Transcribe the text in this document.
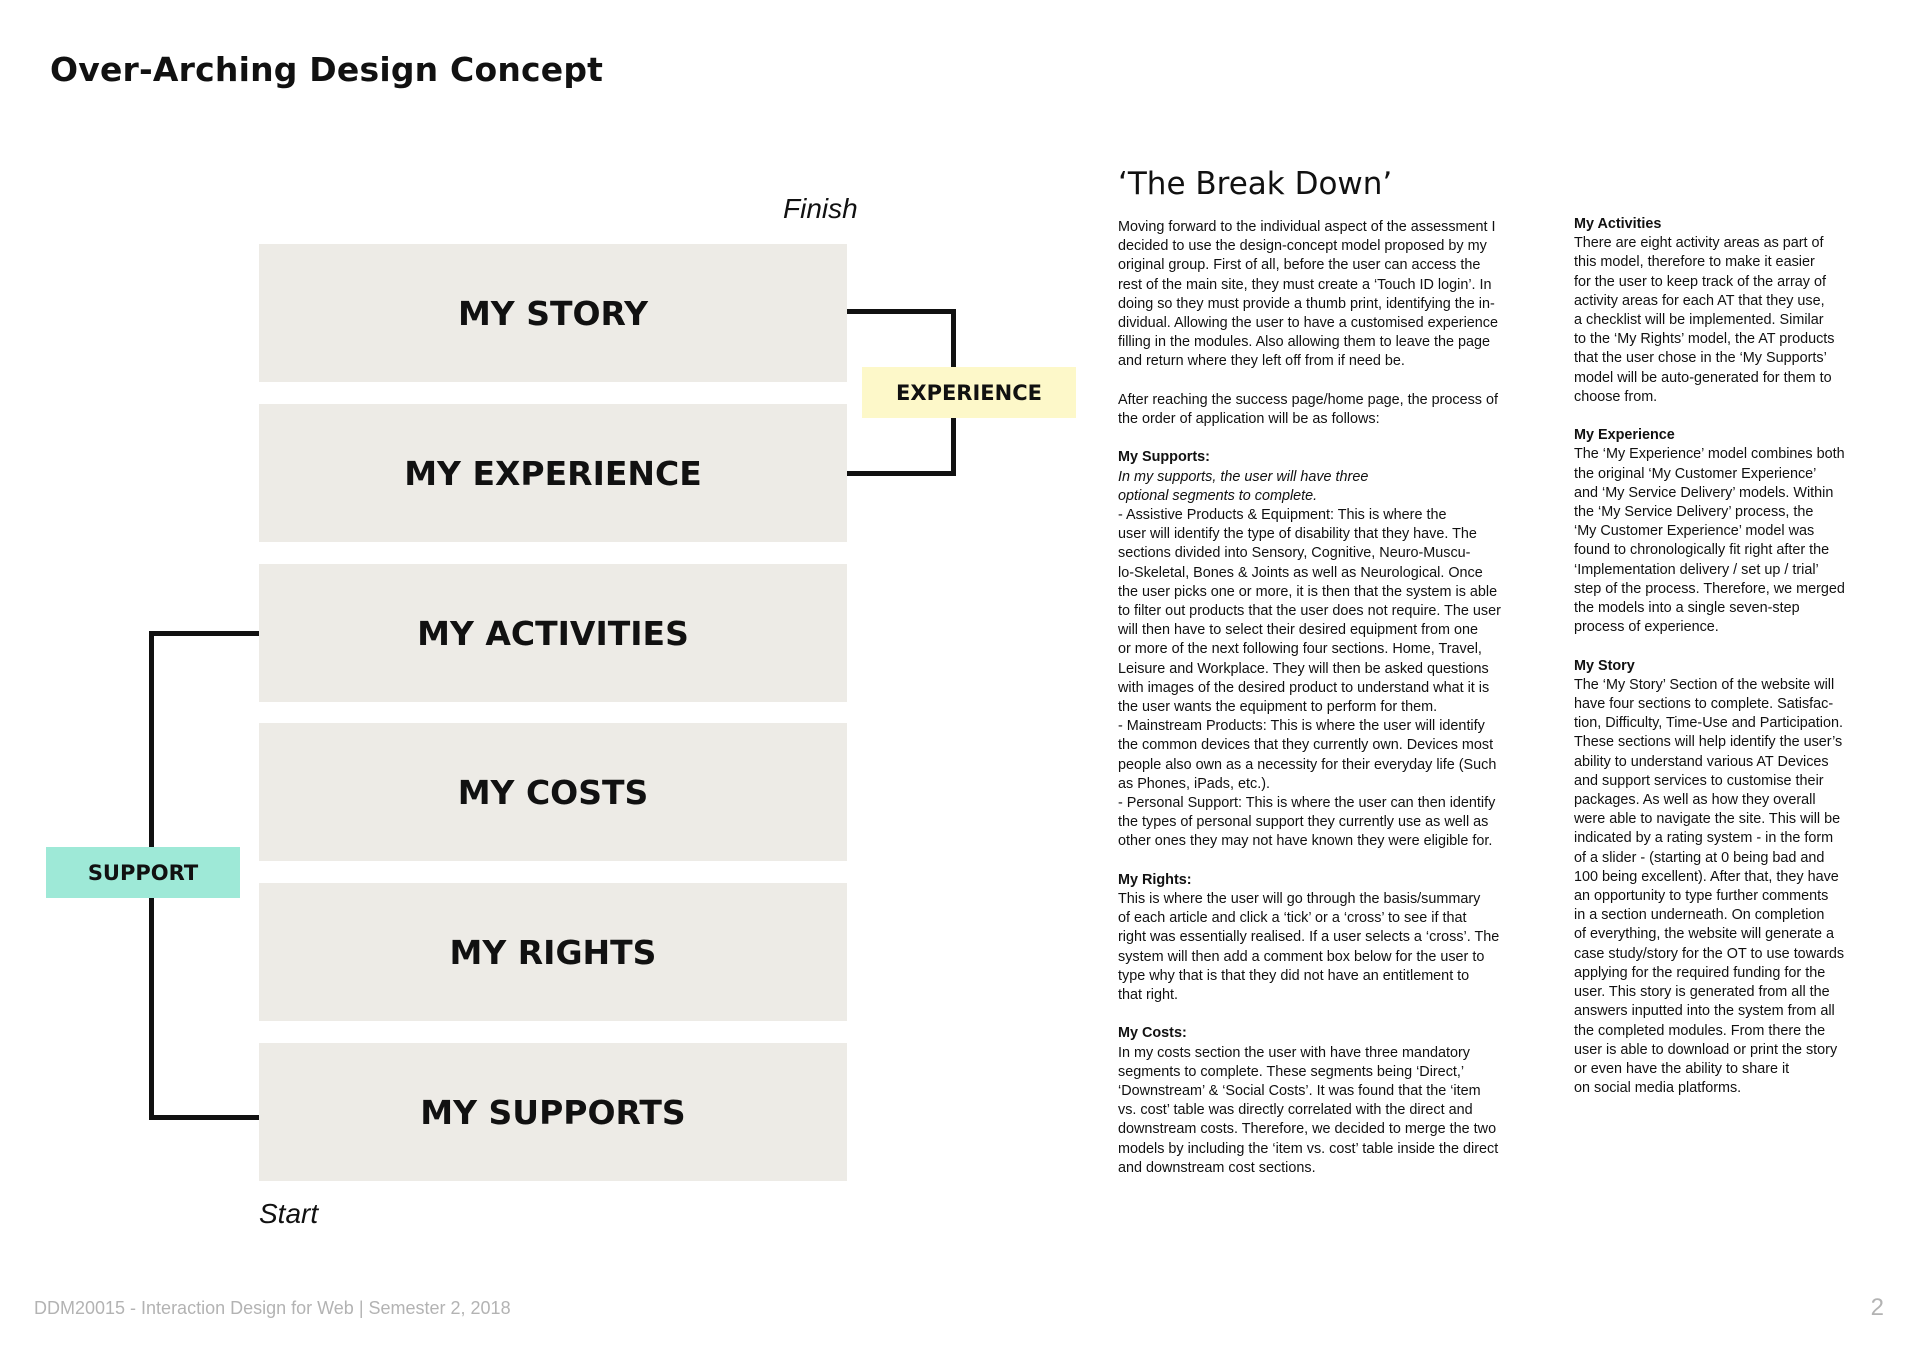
Over-Arching Design Concept
Finish
MY STORY
MY EXPERIENCE
MY ACTIVITIES
MY COSTS
MY RIGHTS
MY SUPPORTS
Start
EXPERIENCE
SUPPORT
‘The Break Down’
Moving forward to the individual aspect of the assessment I
decided to use the design-concept model proposed by my
original group. First of all, before the user can access the
rest of the main site, they must create a ‘Touch ID login’. In
doing so they must provide a thumb print, identifying the in-
dividual. Allowing the user to have a customised experience
filling in the modules. Also allowing them to leave the page
and return where they left off from if need be.
After reaching the success page/home page, the process of
the order of application will be as follows:

My Supports:

In my supports, the user will have three
optional segments to complete.
- Assistive Products & Equipment: This is where the
user will identify the type of disability that they have. The
sections divided into Sensory, Cognitive, Neuro-Muscu-
lo-Skeletal, Bones & Joints as well as Neurological. Once
the user picks one or more, it is then that the system is able
to filter out products that the user does not require. The user
will then have to select their desired equipment from one
or more of the next following four sections. Home, Travel,
Leisure and Workplace. They will then be asked questions
with images of the desired product to understand what it is
the user wants the equipment to perform for them.
- Mainstream Products: This is where the user will identify
the common devices that they currently own. Devices most
people also own as a necessity for their everyday life (Such
as Phones, iPads, etc.).
- Personal Support: This is where the user can then identify
the types of personal support they currently use as well as
other ones they may not have known they were eligible for.

My Rights:

This is where the user will go through the basis/summary
of each article and click a ‘tick’ or a ‘cross’ to see if that
right was essentially realised. If a user selects a ‘cross’. The
system will then add a comment box below for the user to
type why that is that they did not have an entitlement to
that right.

My Costs:

In my costs section the user with have three mandatory
segments to complete. These segments being ‘Direct,’
‘Downstream’ & ‘Social Costs’. It was found that the ‘item
vs. cost’ table was directly correlated with the direct and
downstream costs. Therefore, we decided to merge the two
models by including the ‘item vs. cost’ table inside the direct
and downstream cost sections.

My Activities

There are eight activity areas as part of
this model, therefore to make it easier
for the user to keep track of the array of
activity areas for each AT that they use,
a checklist will be implemented. Similar
to the ‘My Rights’ model, the AT products
that the user chose in the ‘My Supports’
model will be auto-generated for them to
choose from.

My Experience

The ‘My Experience’ model combines both
the original ‘My Customer Experience’
and ‘My Service Delivery’ models. Within
the ‘My Service Delivery’ process, the
‘My Customer Experience’ model was
found to chronologically fit right after the
‘Implementation delivery / set up / trial’
step of the process. Therefore, we merged
the models into a single seven-step
process of experience.

My Story

The ‘My Story’ Section of the website will
have four sections to complete. Satisfac-
tion, Difficulty, Time-Use and Participation.
These sections will help identify the user’s
ability to understand various AT Devices
and support services to customise their
packages. As well as how they overall
were able to navigate the site. This will be
indicated by a rating system - in the form
of a slider - (starting at 0 being bad and
100 being excellent). After that, they have
an opportunity to type further comments
in a section underneath. On completion
of everything, the website will generate a
case study/story for the OT to use towards
applying for the required funding for the
user. This story is generated from all the
answers inputted into the system from all
the completed modules. From there the
user is able to download or print the story
or even have the ability to share it
on social media platforms.
DDM20015 - Interaction Design for Web | Semester 2, 2018	2
